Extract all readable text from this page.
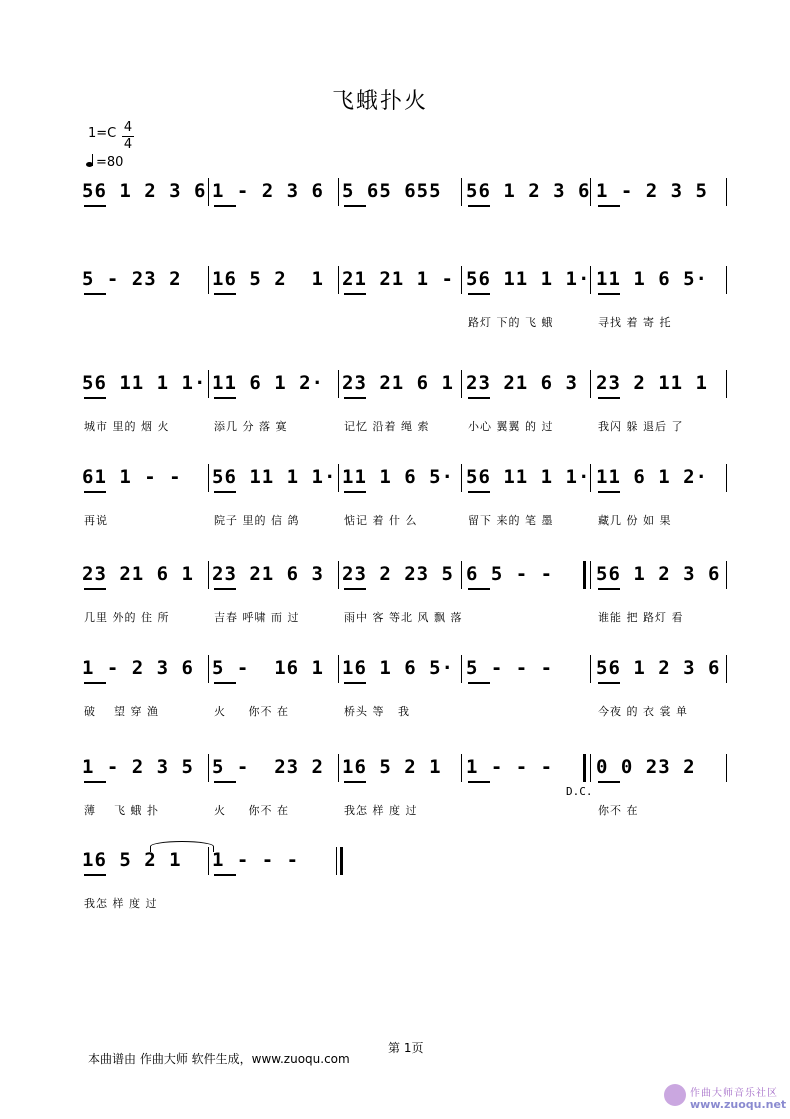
飞蛾扑火
1=C 4
4
=80
56 1 2 3 6 1 - 2 3 6 5 65 655 56 1 2 3 6 1 - 2 3 5
5 - 23 2 16 5 2  1 21 21 1 - 56 11 1 1·
路灯 下的 飞 蛾
11 1 6 5·
寻找 着 寄 托
56 11 1 1·
城市 里的 烟 火
11 6 1 2·
添几 分 落 寞
23 21 6 1
记忆 沿着 绳 索
23 21 6 3
小心 翼翼 的 过
23 2 11 1
我闪 躲 退后 了
61 1 - -
再说
56 11 1 1·
院子 里的 信 鸽
11 1 6 5·
惦记 着 什 么
56 11 1 1·
留下 来的 笔 墨
11 6 1 2·
藏几 份 如 果
23 21 6 1
几里 外的 住 所
23 21 6 3
吉春 呼啸 而 过
23 2 23 5
雨中 客 等北 风 飘 落
6 5 - - 56 1 2 3 6
谁能 把 路灯 看
1 - 2 3 6
破    望 穿 渔
5 -  16 1
火     你不 在
16 1 6 5·
桥头 等   我
5 - - - 56 1 2 3 6
今夜 的 衣 裳 单
1 - 2 3 5
薄    飞 蛾 扑
5 -  23 2
火     你不 在
16 5 2 1
我怎 样 度 过
1 - - - 0 0 23 2
你不 在
16 5 2 1
我怎 样 度 过
1 - - -
D.C.
第 1页
本曲谱由 作曲大师 软件生成，www.zuoqu.com
作曲大师音乐社区
www.zuoqu.net
